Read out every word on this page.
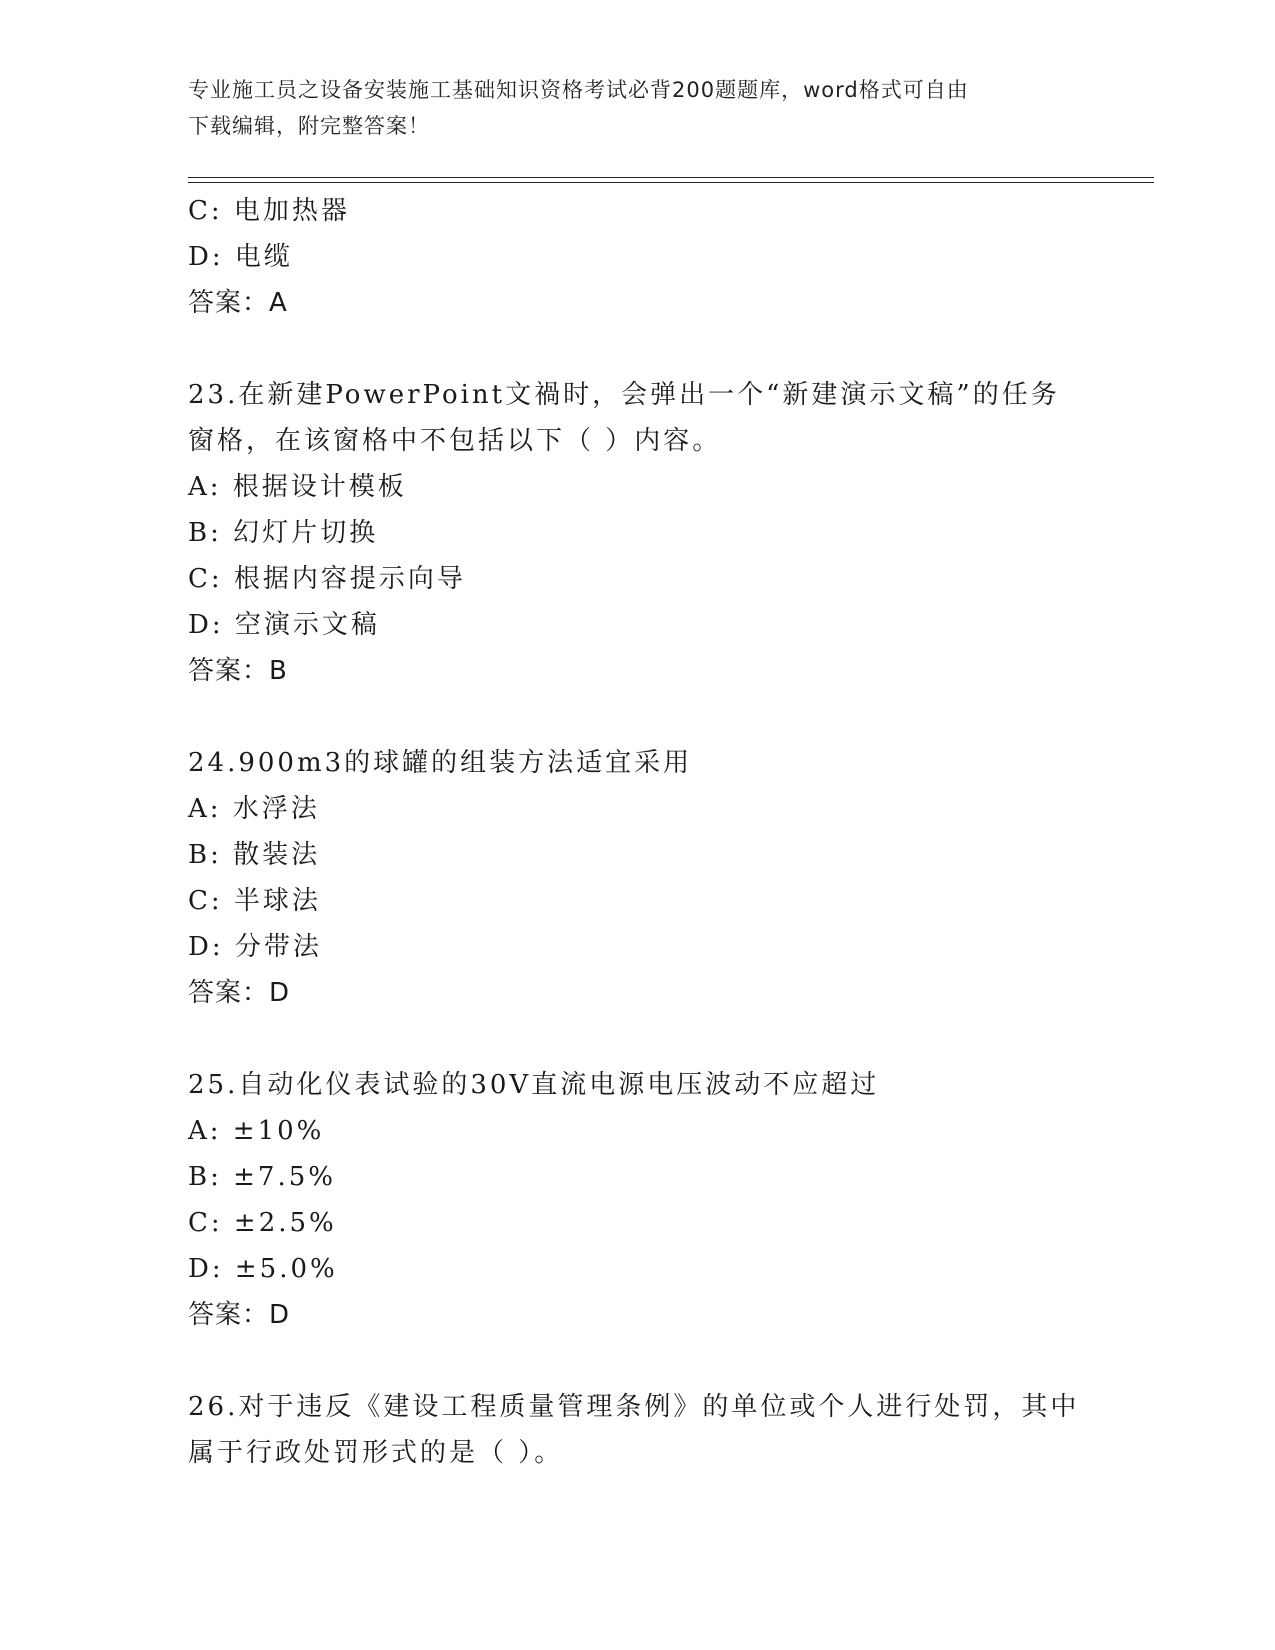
专业施工员之设备安装施工基础知识资格考试必背200题题库，word格式可自由
下载编辑，附完整答案！
C: 电加热器
D: 电缆
答案：A
23.在新建PowerPoint文禍时，会弹出一个“新建演示文稿”的任务
窗格，在该窗格中不包括以下（ ）内容。
A: 根据设计模板
B: 幻灯片切换
C: 根据内容提示向导
D: 空演示文稿
答案：B
24.900m3的球罐的组装方法适宜采用
A: 水浮法
B: 散装法
C: 半球法
D: 分带法
答案：D
25.自动化仪表试验的30V直流电源电压波动不应超过
A: ±10%
B: ±7.5%
C: ±2.5%
D: ±5.0%
答案：D
26.对于违反《建设工程质量管理条例》的单位或个人进行处罚，其中
属于行政处罚形式的是（ ）。
